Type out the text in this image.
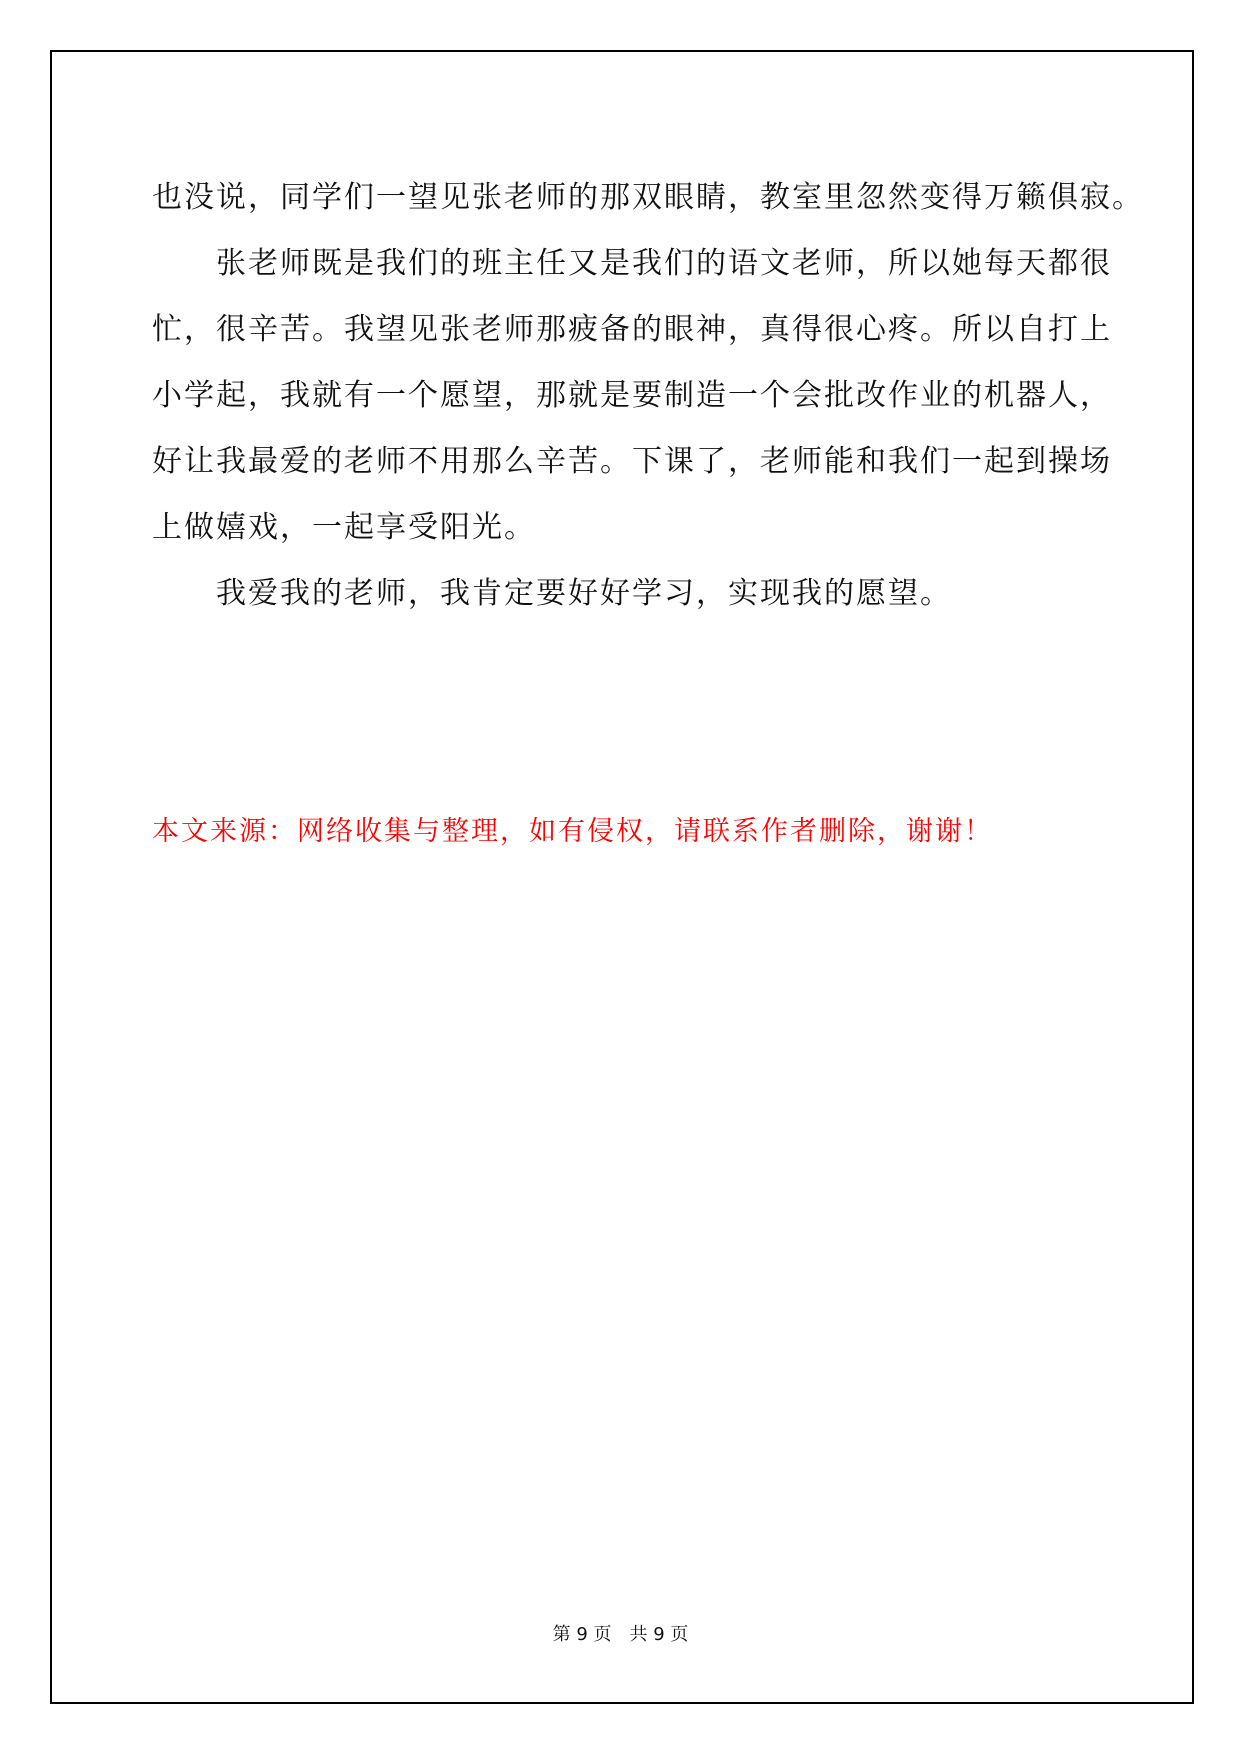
也没说，同学们一望见张老师的那双眼睛，教室里忽然变得万籁俱寂。
张老师既是我们的班主任又是我们的语文老师，所以她每天都很
忙，很辛苦。我望见张老师那疲备的眼神，真得很心疼。所以自打上
小学起，我就有一个愿望，那就是要制造一个会批改作业的机器人，
好让我最爱的老师不用那么辛苦。下课了，老师能和我们一起到操场
上做嬉戏，一起享受阳光。
我爱我的老师，我肯定要好好学习，实现我的愿望。
本文来源：网络收集与整理，如有侵权，请联系作者删除，谢谢！
第 9 页 共 9 页
